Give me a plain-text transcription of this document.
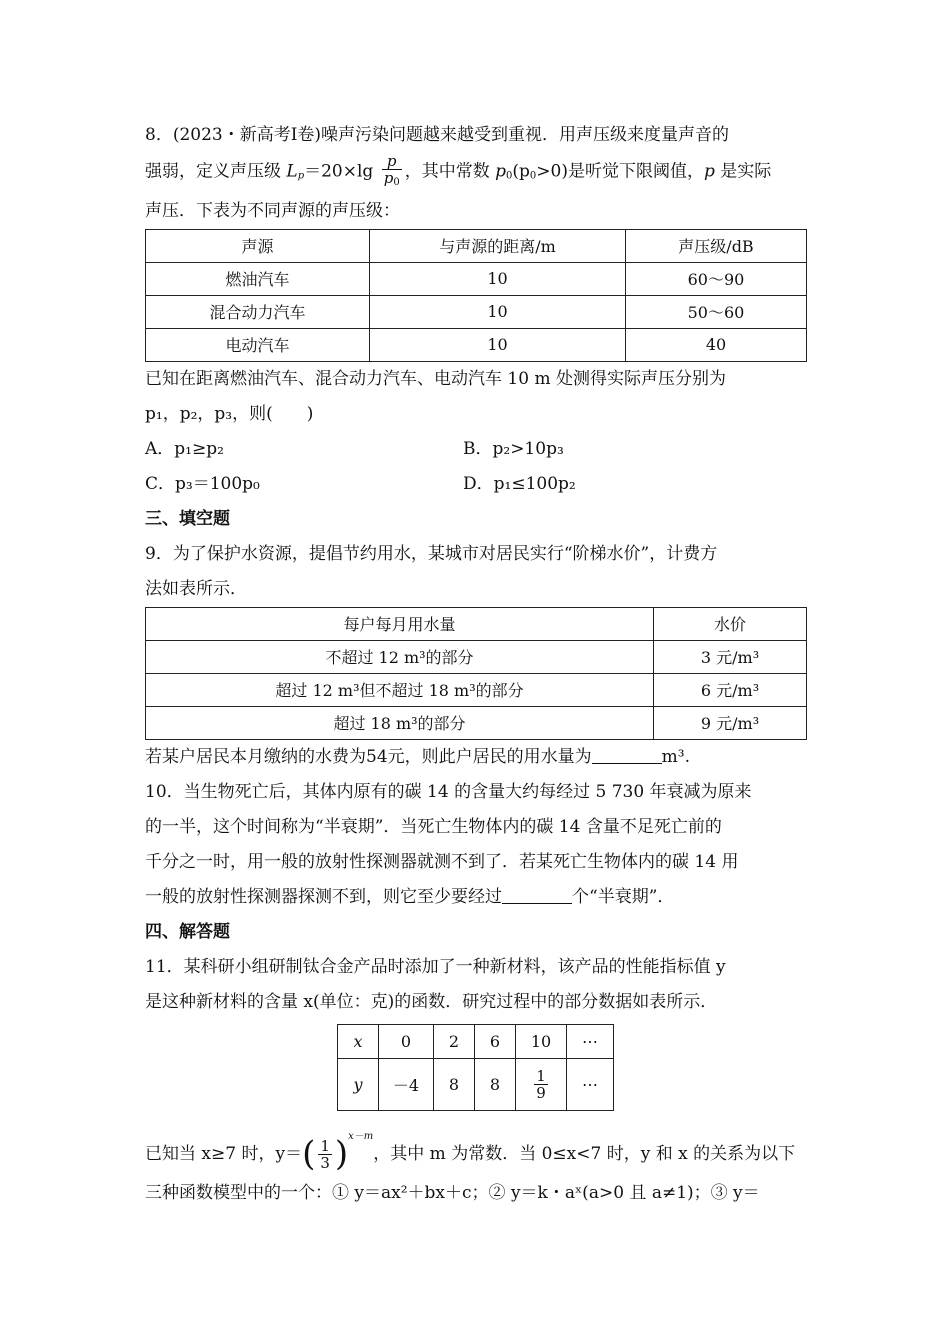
8．(2023・新高考Ⅰ卷)噪声污染问题越来越受到重视．用声压级来度量声音的

强弱，定义声压级 $L_p=20\times\lg \frac{p}{p_0}$ ，其中常数 $p_0(p_0>0)$是听觉下限阈值，p 是实际

声压．下表为不同声源的声压级：

声源	与声源的距离/m	声压级/dB
燃油汽车	10	60～90
混合动力汽车	10	50～60
电动汽车	10	40

已知在距离燃油汽车、混合动力汽车、电动汽车 10 m 处测得实际声压分别为

p₁，p₂，p₃，则(　　)

A．p₁≥p₂	B．p₂>10p₃
C．p₃＝100p₀	D．p₁≤100p₂
三、填空题

9．为了保护水资源，提倡节约用水，某城市对居民实行“阶梯水价”，计费方

法如表所示．

每户每月用水量	水价
不超过 12 m³的部分	3 元/m³
超过 12 m³但不超过 18 m³的部分	6 元/m³
超过 18 m³的部分	9 元/m³

若某户居民本月缴纳的水费为54元，则此户居民的用水量为	m³.

10．当生物死亡后，其体内原有的碳 14 的含量大约每经过 5 730 年衰减为原来

的一半，这个时间称为“半衰期”．当死亡生物体内的碳 14 含量不足死亡前的

千分之一时，用一般的放射性探测器就测不到了．若某死亡生物体内的碳 14 用

一般的放射性探测器探测不到，则它至少要经过	个“半衰期”．

四、解答题

11．某科研小组研制钛合金产品时添加了一种新材料，该产品的性能指标值 y

是这种新材料的含量 x(单位：克)的函数．研究过程中的部分数据如表所示．

x	0	2	6	10	⋯
y	－4	8	8	$\frac{1}{9}$	⋯

已知当 x≥7 时，$y=( \frac{1}{3} )^{x-m}$，其中 m 为常数．当 0≤x<7 时，y 和 x 的关系为以下

三种函数模型中的一个：① y＝ax²＋bx＋c；② y＝k・aˣ(a>0 且 a≠1)；③ y＝
